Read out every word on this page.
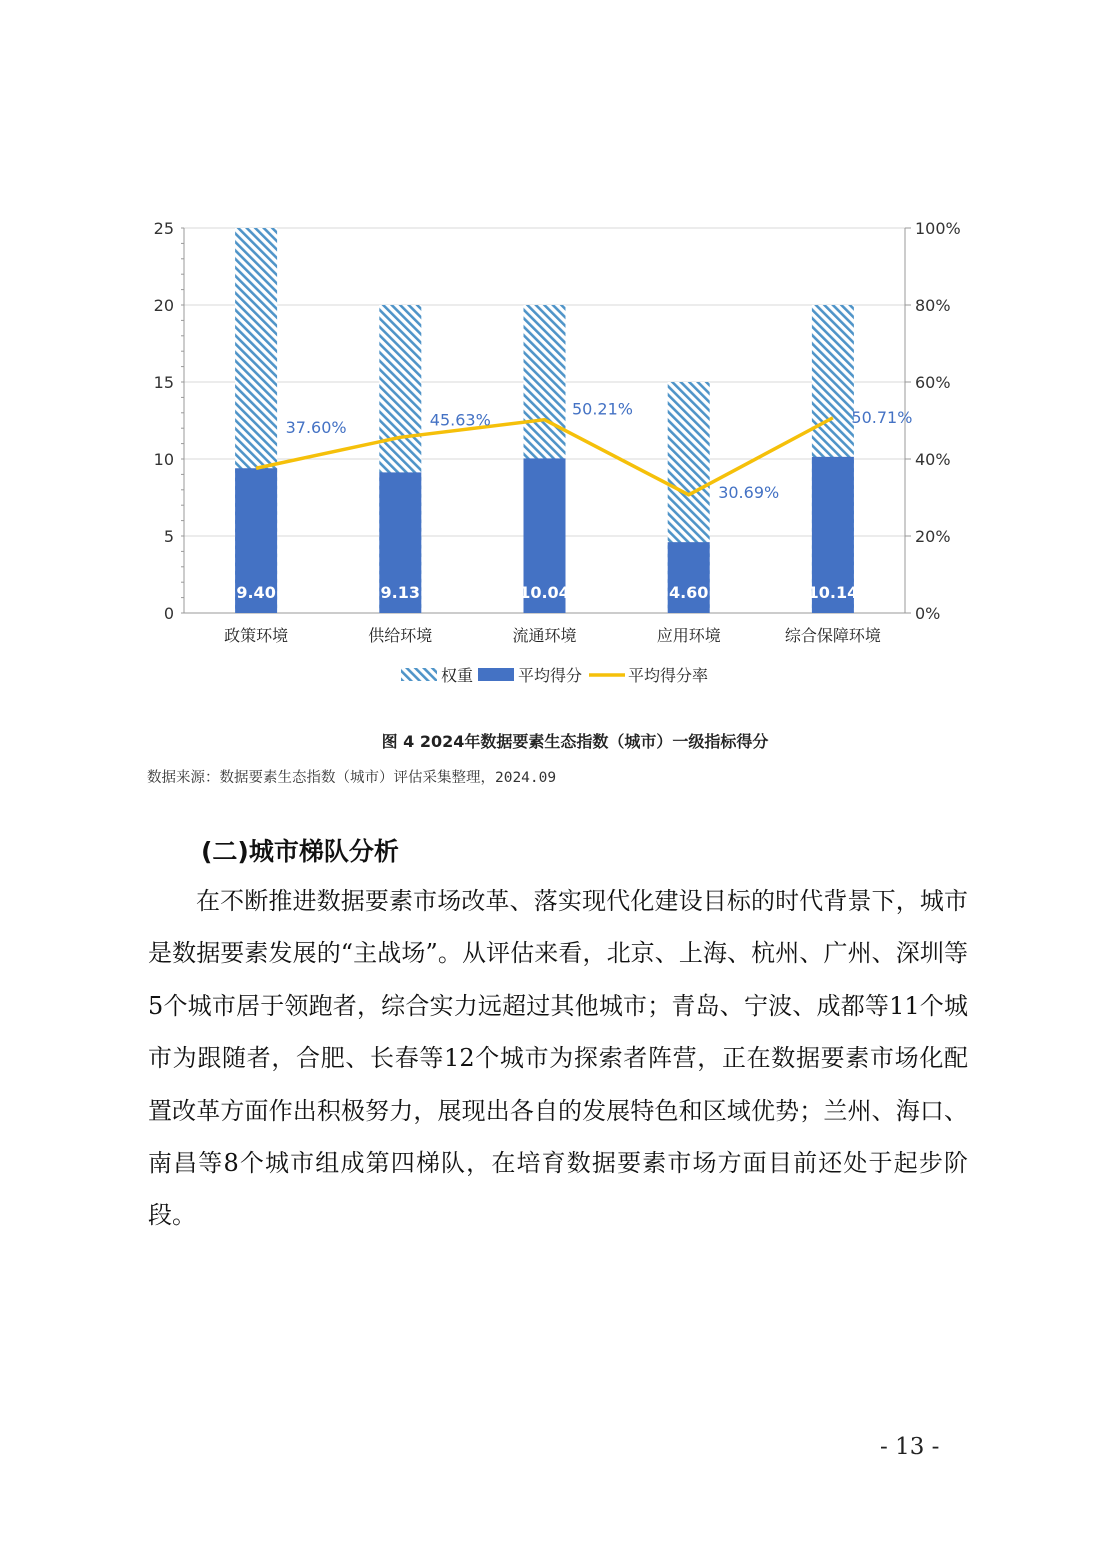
0
5
10
15
20
25
0%
20%
40%
60%
80%
100%
政策环境	供给环境	流通环境	应用环境	综合保障环境
9.40	9.13	10.04	4.60	10.14
37.60%	45.63%
50.21%
30.69%
50.71%
权重	平均得分	平均得分率
图 4 2024年数据要素生态指数（城市）一级指标得分
数据来源：数据要素生态指数（城市）评估采集整理，2024.09
(二)城市梯队分析

在不断推进数据要素市场改革、落实现代化建设目标的时代背景下，城市是数据要素发展的“主战场”。从评估来看，北京、上海、杭州、广州、深圳等5个城市居于领跑者，综合实力远超过其他城市；青岛、宁波、成都等11个城市为跟随者，合肥、长春等12个城市为探索者阵营，正在数据要素市场化配置改革方面作出积极努力，展现出各自的发展特色和区域优势；兰州、海口、南昌等8个城市组成第四梯队，在培育数据要素市场方面目前还处于起步阶段。

- 13 -
